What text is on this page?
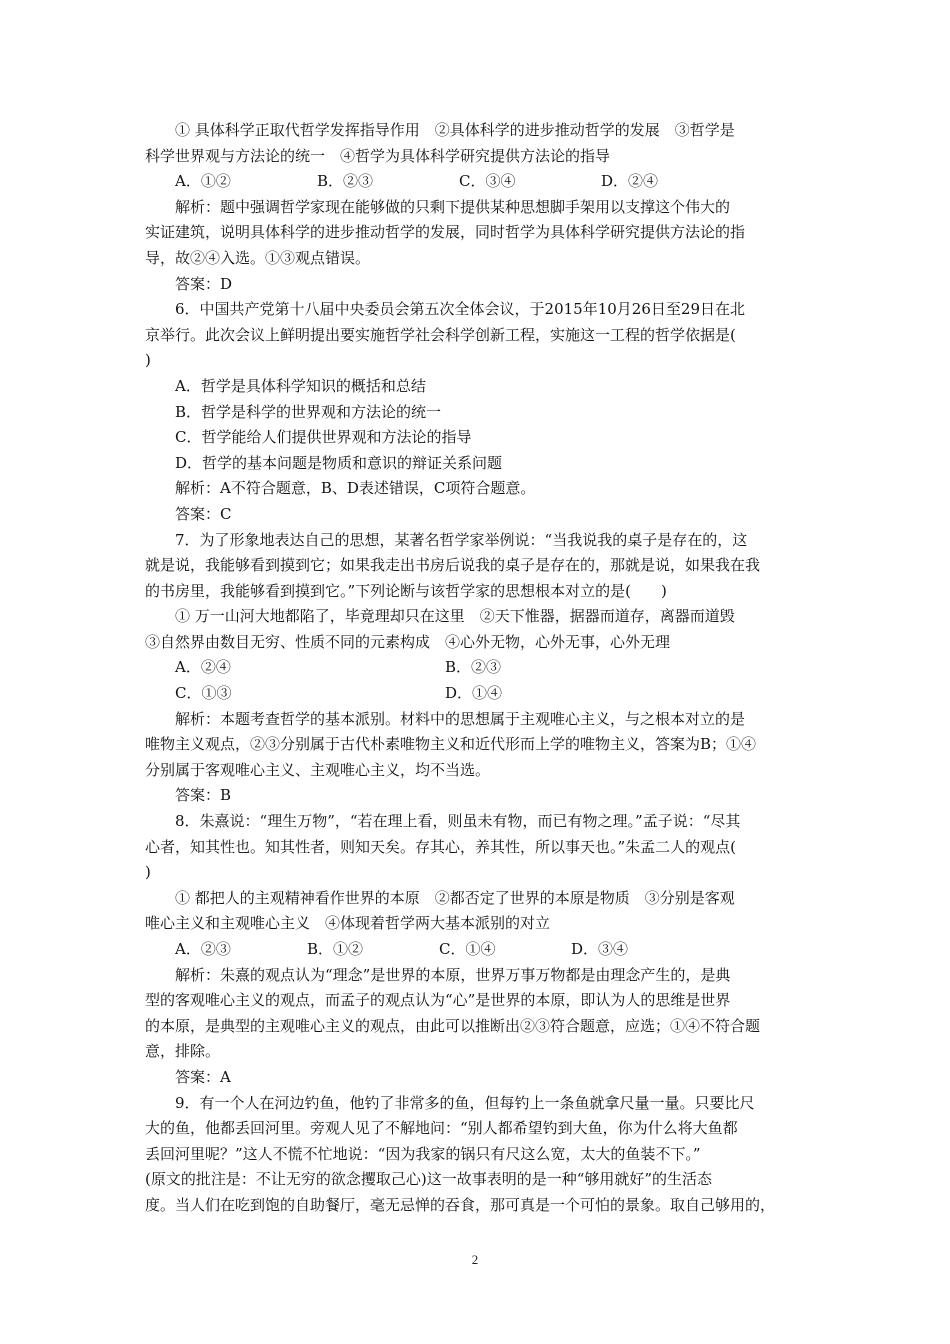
① 具体科学正取代哲学发挥指导作用　②具体科学的进步推动哲学的发展　③哲学是
科学世界观与方法论的统一　④哲学为具体科学研究提供方法论的指导
A．①②	B．②③	C．③④	D．②④
解析：题中强调哲学家现在能够做的只剩下提供某种思想脚手架用以支撑这个伟大的
实证建筑，说明具体科学的进步推动哲学的发展，同时哲学为具体科学研究提供方法论的指
导，故②④入选。①③观点错误。
答案：D
6．中国共产党第十八届中央委员会第五次全体会议，于2015年10月26日至29日在北
京举行。此次会议上鲜明提出要实施哲学社会科学创新工程，实施这一工程的哲学依据是(
)
A．哲学是具体科学知识的概括和总结
B．哲学是科学的世界观和方法论的统一
C．哲学能给人们提供世界观和方法论的指导
D．哲学的基本问题是物质和意识的辩证关系问题
解析：A不符合题意，B、D表述错误，C项符合题意。
答案：C
7．为了形象地表达自己的思想，某著名哲学家举例说：“当我说我的桌子是存在的，这
就是说，我能够看到摸到它；如果我走出书房后说我的桌子是存在的，那就是说，如果我在我
的书房里，我能够看到摸到它。”下列论断与该哲学家的思想根本对立的是(　　)
① 万一山河大地都陷了，毕竟理却只在这里　②天下惟器，据器而道存，离器而道毁
③自然界由数目无穷、性质不同的元素构成　④心外无物，心外无事，心外无理
A．②④	B．②③
C．①③	D．①④
解析：本题考查哲学的基本派别。材料中的思想属于主观唯心主义，与之根本对立的是
唯物主义观点，②③分别属于古代朴素唯物主义和近代形而上学的唯物主义，答案为B；①④
分别属于客观唯心主义、主观唯心主义，均不当选。
答案：B
8．朱熹说：“理生万物”，“若在理上看，则虽未有物，而已有物之理。”孟子说：“尽其
心者，知其性也。知其性者，则知天矣。存其心，养其性，所以事天也。”朱孟二人的观点(
)
① 都把人的主观精神看作世界的本原　②都否定了世界的本原是物质　③分别是客观
唯心主义和主观唯心主义　④体现着哲学两大基本派别的对立
A．②③	B．①②	C．①④	D．③④
解析：朱熹的观点认为“理念”是世界的本原，世界万事万物都是由理念产生的，是典
型的客观唯心主义的观点，而孟子的观点认为“心”是世界的本原，即认为人的思维是世界
的本原，是典型的主观唯心主义的观点，由此可以推断出②③符合题意，应选；①④不符合题
意，排除。
答案：A
9．有一个人在河边钓鱼，他钓了非常多的鱼，但每钓上一条鱼就拿尺量一量。只要比尺
大的鱼，他都丢回河里。旁观人见了不解地问：“别人都希望钓到大鱼，你为什么将大鱼都
丢回河里呢？”这人不慌不忙地说：“因为我家的锅只有尺这么宽，太大的鱼装不下。”
(原文的批注是：不让无穷的欲念攫取己心)这一故事表明的是一种“够用就好”的生活态
度。当人们在吃到饱的自助餐厅，毫无忌惮的吞食，那可真是一个可怕的景象。取自己够用的，
2
